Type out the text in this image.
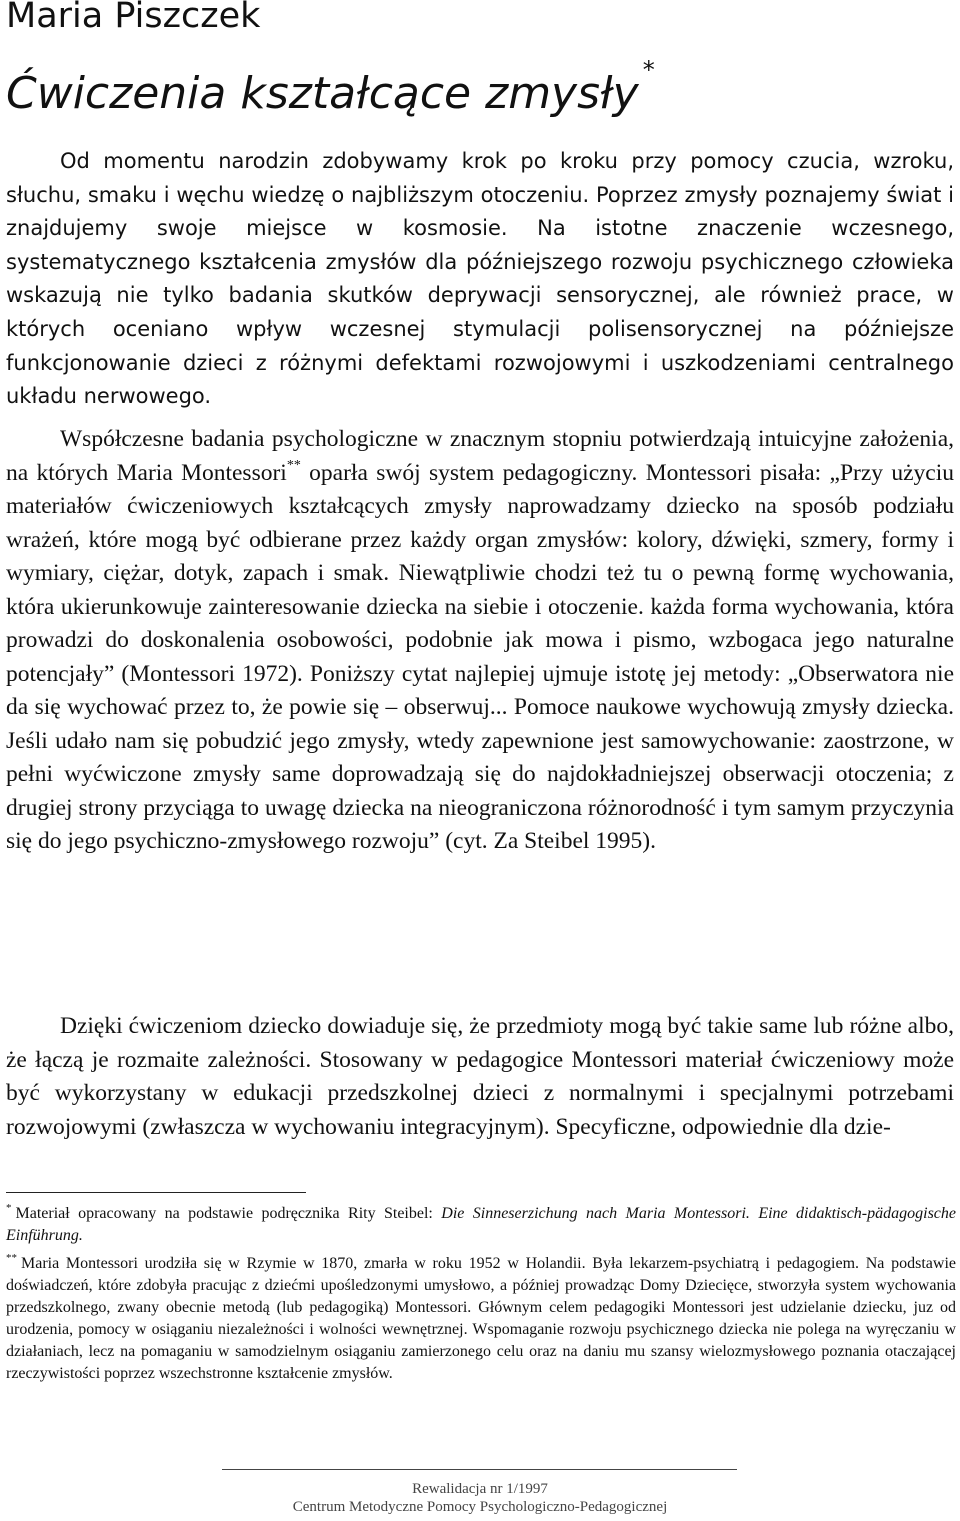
Maria Piszczek
Ćwiczenia kształcące zmysły *
Od momentu narodzin zdobywamy krok po kroku przy pomocy czucia, wzroku, słuchu, smaku i węchu wiedzę o najbliższym otoczeniu. Poprzez zmysły poznajemy świat i znajdujemy swoje miejsce w kosmosie. Na istotne znaczenie wczesnego, systematycznego kształcenia zmysłów dla późniejszego rozwoju psychicznego człowieka wskazują nie tylko badania skutków deprywacji sensorycznej, ale również prace, w których oceniano wpływ wczesnej stymulacji polisensorycznej na późniejsze funkcjonowanie dzieci z różnymi defektami rozwojowymi i uszkodzeniami centralnego układu nerwowego.
Współczesne badania psychologiczne w znacznym stopniu potwierdzają intuicyjne założenia, na których Maria Montessori** oparła swój system pedagogiczny. Montessori pisała: „Przy użyciu materiałów ćwiczeniowych kształcących zmysły naprowadzamy dziecko na sposób podziału wrażeń, które mogą być odbierane przez każdy organ zmysłów: kolory, dźwięki, szmery, formy i wymiary, ciężar, dotyk, zapach i smak. Niewątpliwie chodzi też tu o pewną formę wychowania, która ukierunkowuje zainteresowanie dziecka na siebie i otoczenie. każda forma wychowania, która prowadzi do doskonalenia osobowości, podobnie jak mowa i pismo, wzbogaca jego naturalne potencjały” (Montessori 1972). Poniższy cytat najlepiej ujmuje istotę jej metody: „Obserwatora nie da się wychować przez to, że powie się – obserwuj... Pomoce naukowe wychowują zmysły dziecka. Jeśli udało nam się pobudzić jego zmysły, wtedy zapewnione jest samowychowanie: zaostrzone, w pełni wyćwiczone zmysły same doprowadzają się do najdokładniejszej obserwacji otoczenia; z drugiej strony przyciąga to uwagę dziecka na nieograniczona różnorodność i tym samym przyczynia się do jego psychiczno-zmysłowego rozwoju” (cyt. Za Steibel 1995).
Dzięki ćwiczeniom dziecko dowiaduje się, że przedmioty mogą być takie same lub różne albo, że łączą je rozmaite zależności. Stosowany w pedagogice Montessori materiał ćwiczeniowy może być wykorzystany w edukacji przedszkolnej dzieci z normalnymi i specjalnymi potrzebami rozwojowymi (zwłaszcza w wychowaniu integracyjnym). Specyficzne, odpowiednie dla dzie-
* Materiał opracowany na podstawie podręcznika Rity Steibel: Die Sinneserzichung nach Maria Montessori. Eine didaktisch-pädagogische Einführung.
** Maria Montessori urodziła się w Rzymie w 1870, zmarła w roku 1952 w Holandii. Była lekarzem-psychiatrą i pedagogiem. Na podstawie doświadczeń, które zdobyła pracując z dziećmi upośledzonymi umysłowo, a później prowadząc Domy Dziecięce, stworzyła system wychowania przedszkolnego, zwany obecnie metodą (lub pedagogiką) Montessori. Głównym celem pedagogiki Montessori jest udzielanie dziecku, juz od urodzenia, pomocy w osiąganiu niezależności i wolności wewnętrznej. Wspomaganie rozwoju psychicznego dziecka nie polega na wyręczaniu w działaniach, lecz na pomaganiu w samodzielnym osiąganiu zamierzonego celu oraz na daniu mu szansy wielozmysłowego poznania otaczającej rzeczywistości poprzez wszechstronne kształcenie zmysłów.
Rewalidacja nr 1/1997
Centrum Metodyczne Pomocy Psychologiczno-Pedagogicznej
